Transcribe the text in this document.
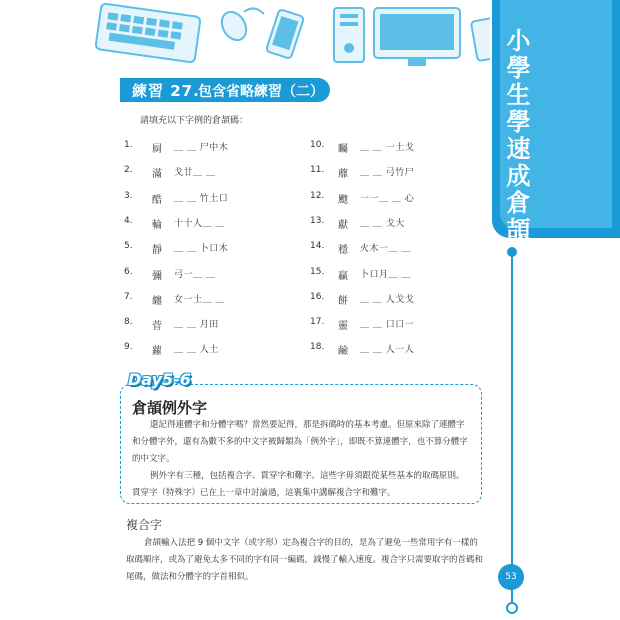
小學生學速成倉頡
53
練習 27.
包含省略練習（二）
請填充以下字例的倉頡碼：
1.	屙	＿ ＿ 尸中木
2.	滿	戈廿＿ ＿
3.	酷	＿ ＿ 竹土口
4.	輪	十十人＿ ＿
5.	靜	＿ ＿ 卜口木
6.	彌	弓一＿ ＿
7.	纏	女一土＿ ＿
8.	菅	＿ ＿ 月田
9.	蘿	＿ ＿ 人土
10.	矚	＿ ＿ 一土戈
11.	蘼	＿ ＿ 弓竹尸
12.	颼	一一＿ ＿ 心
13.	獻	＿ ＿ 戈大
14.	穩	火木一＿ ＿
15.	贏	卜口月＿ ＿
16.	餅	＿ ＿ 人戈戈
17.	靈	＿ ＿ 口口一
18.	鹼	＿ ＿ 人一人
Day5-6
倉頡例外字
還記得連體字和分體字嗎？當然要記得，那是拆碼時的基本考慮。但原來除了連體字和分體字外，還有為數不多的中文字被歸類為「例外字」，即既不算連體字，也不算分體字的中文字。
例外字有三種，包括複合字、貫穿字和難字。這些字毋須跟從某些基本的取碼原則。貫穿字（特殊字）已在上一章中討論過，這裏集中講解複合字和難字。
複合字
倉頡輸入法把 9 個中文字（或字形）定為複合字的目的，是為了避免一些常用字有一樣的取碼順序，或為了避免太多不同的字有同一編碼，減慢了輸入速度。複合字只需要取字的首碼和尾碼，做法和分體字的字首相似。
